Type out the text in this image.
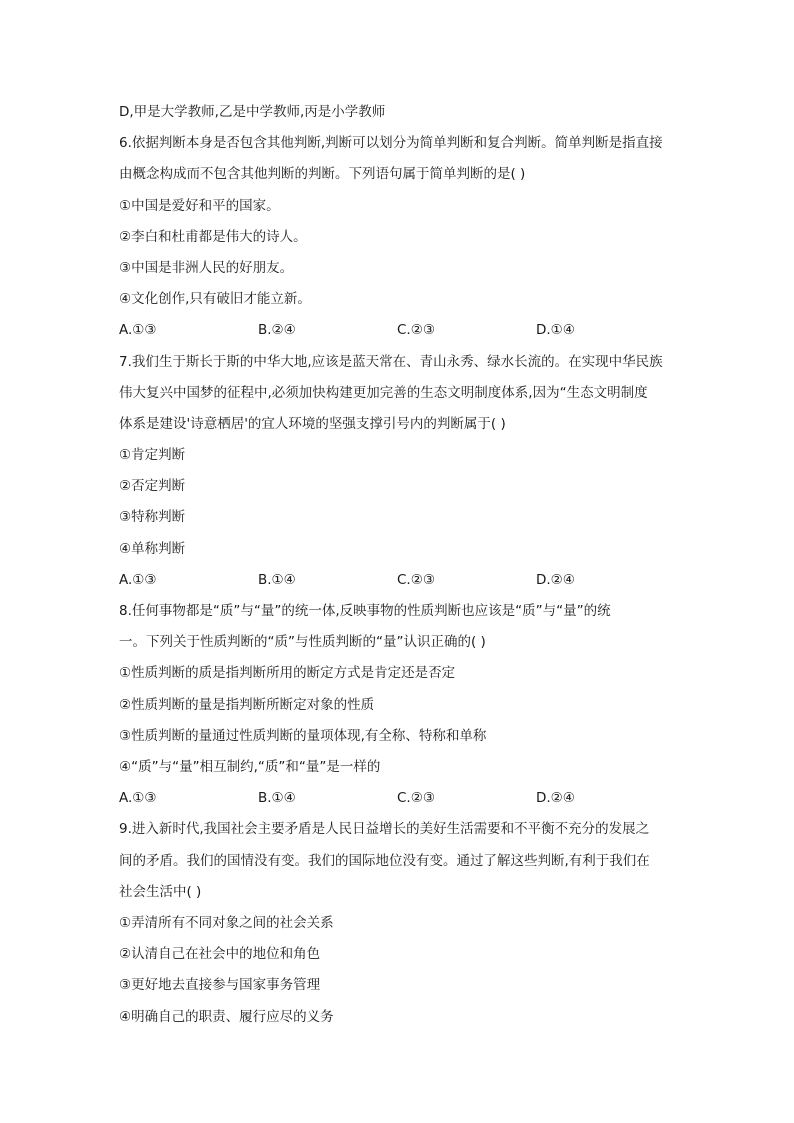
D,甲是大学教师,乙是中学教师,丙是小学教师
6.依据判断本身是否包含其他判断,判断可以划分为简单判断和复合判断。简单判断是指直接
由概念构成而不包含其他判断的判断。下列语句属于简单判断的是( )
①中国是爱好和平的国家。
②李白和杜甫都是伟大的诗人。
③中国是非洲人民的好朋友。
④文化创作,只有破旧才能立新。
A.①③	B.②④	C.②③	D.①④
7.我们生于斯长于斯的中华大地,应该是蓝天常在、青山永秀、绿水长流的。在实现中华民族
伟大复兴中国梦的征程中,必须加快构建更加完善的生态文明制度体系,因为“生态文明制度
体系是建设'诗意栖居'的宜人环境的坚强支撑引号内的判断属于( )
①肯定判断
②否定判断
③特称判断
④单称判断
A.①③	B.①④	C.②③	D.②④
8.任何事物都是“质”与“量”的统一体,反映事物的性质判断也应该是“质”与“量”的统
一。下列关于性质判断的“质”与性质判断的“量”认识正确的( )
①性质判断的质是指判断所用的断定方式是肯定还是否定
②性质判断的量是指判断所断定对象的性质
③性质判断的量通过性质判断的量项体现,有全称、特称和单称
④“质”与“量”相互制约,“质”和“量”是一样的
A.①③	B.①④	C.②③	D.②④
9.进入新时代,我国社会主要矛盾是人民日益增长的美好生活需要和不平衡不充分的发展之
间的矛盾。我们的国情没有变。我们的国际地位没有变。通过了解这些判断,有利于我们在
社会生活中( )
①弄清所有不同对象之间的社会关系
②认清自己在社会中的地位和角色
③更好地去直接参与国家事务管理
④明确自己的职责、履行应尽的义务
